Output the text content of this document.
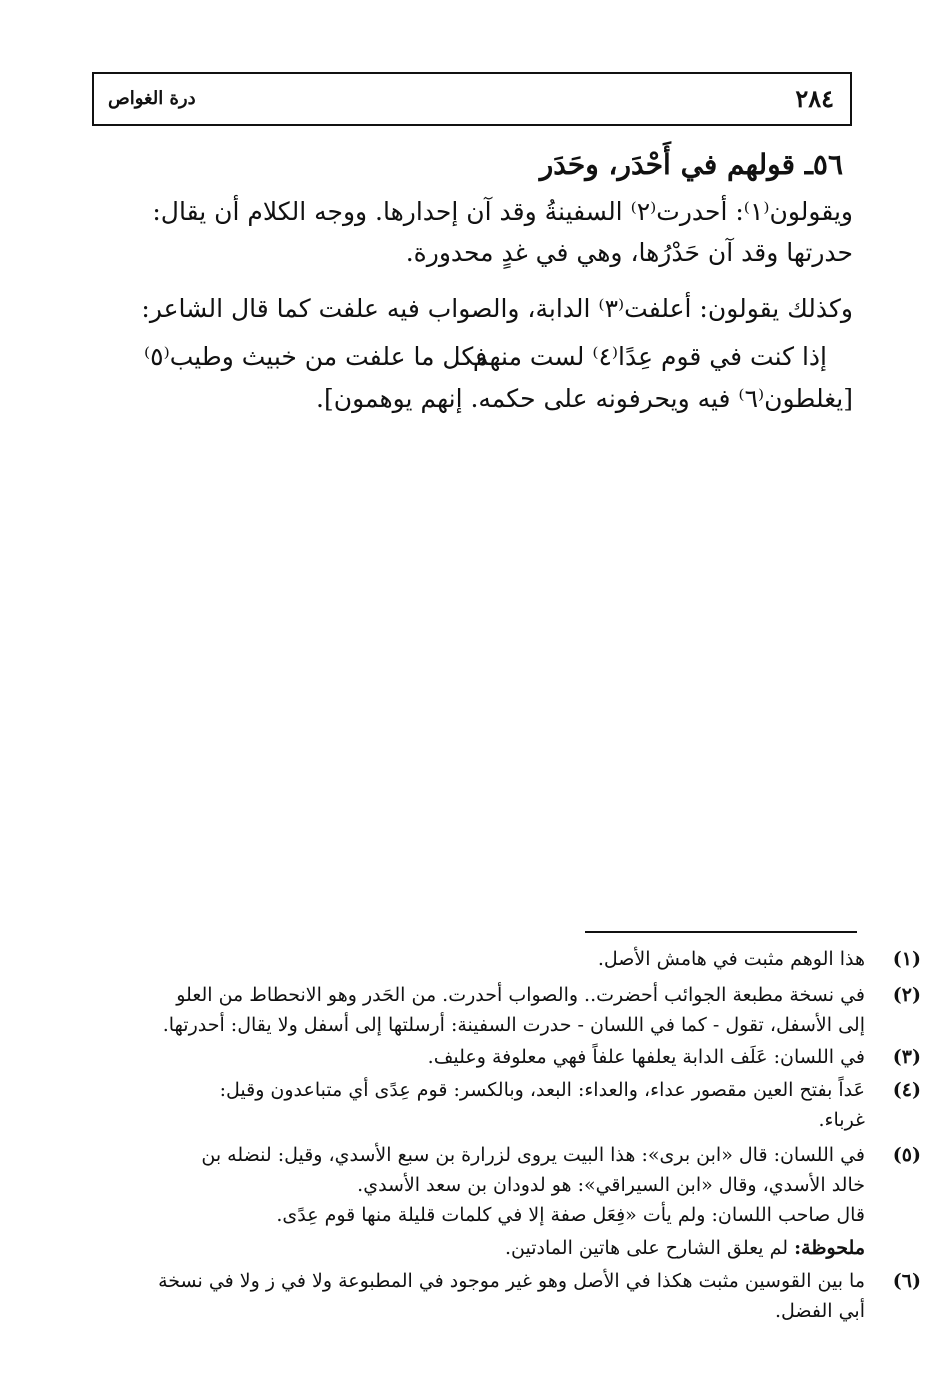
٢٨٤
درة الغواص
٥٦ـ قولهم في أَحْدَر، وحَدَر
ويقولون⁽١⁾: أحدرت⁽٢⁾ السفينةُ وقد آن إحدارها. ووجه الكلام أن يقال:
حدرتها وقد آن حَدْرُها، وهي في غدٍ محدورة.
وكذلك يقولون: أعلفت⁽٣⁾ الدابة، والصواب فيه علفت كما قال الشاعر:
إذا كنت في قوم عِدًا⁽٤⁾ لست منهم
فكل ما علفت من خبيث وطيب⁽٥⁾
[يغلطون⁽٦⁾ فيه ويحرفونه على حكمه. إنهم يوهمون].
(١)
هذا الوهم مثبت في هامش الأصل.
(٢)
في نسخة مطبعة الجوائب أحضرت.. والصواب أحدرت. من الحَدر وهو الانحطاط من العلو
إلى الأسفل، تقول - كما في اللسان - حدرت السفينة: أرسلتها إلى أسفل ولا يقال: أحدرتها.
(٣)
في اللسان: عَلَف الدابة يعلفها علفاً فهي معلوفة وعليف.
(٤)
عَداً بفتح العين مقصور عداء، والعداء: البعد، وبالكسر: قوم عِدًى أي متباعدون وقيل:
غرباء.
(٥)
في اللسان: قال «ابن برى»: هذا البيت يروى لزرارة بن سبع الأسدي، وقيل: لنضله بن
خالد الأسدي، وقال «ابن السيراقي»: هو لدودان بن سعد الأسدي.
قال صاحب اللسان: ولم يأت «فِعَل صفة إلا في كلمات قليلة منها قوم عِدًى.
ملحوظة: لم يعلق الشارح على هاتين المادتين.
(٦)
ما بين القوسين مثبت هكذا في الأصل وهو غير موجود في المطبوعة ولا في ز ولا في نسخة
أبي الفضل.
